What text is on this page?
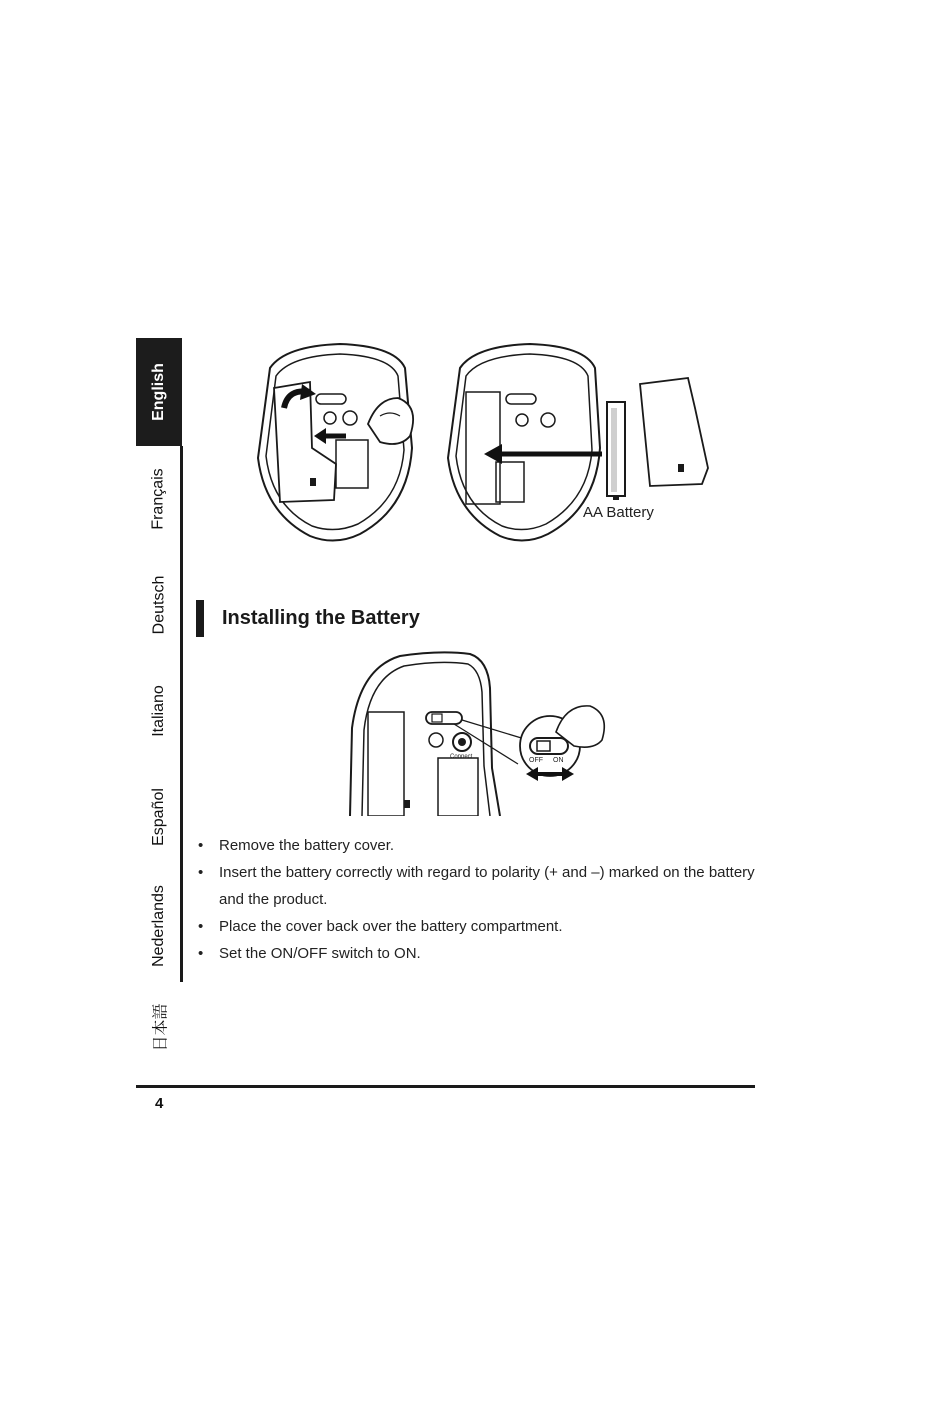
English
Français
Deutsch
Italiano
Español
Nederlands
日本語
AA Battery
Installing the Battery
OFF ON
Connect
• Remove the battery cover.
• Insert the battery correctly with regard to polarity (+ and –) marked on the battery and the product.
• Place the cover back over the battery compartment.
• Set the ON/OFF switch to ON.
4
